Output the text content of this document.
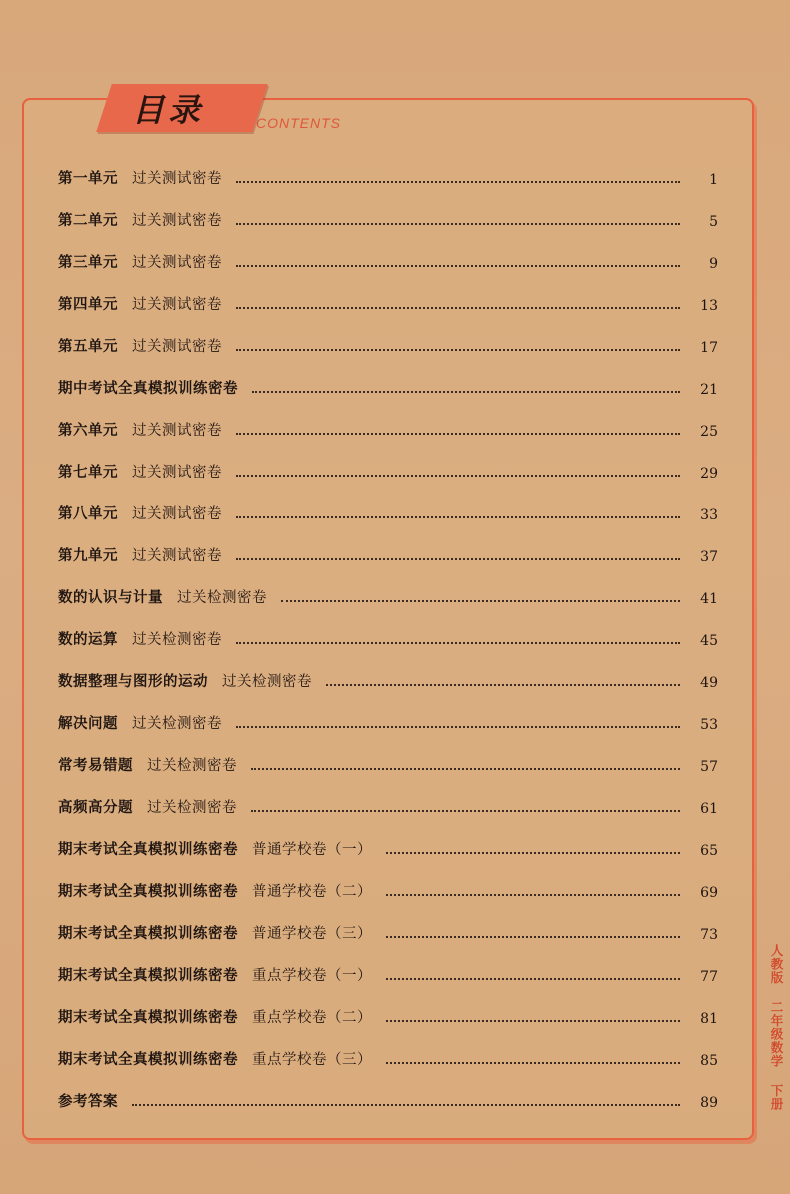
目录	CONTENTS
第一单元 过关测试密卷	1
第二单元 过关测试密卷	5
第三单元 过关测试密卷	9
第四单元 过关测试密卷	13
第五单元 过关测试密卷	17
期中考试全真模拟训练密卷	21
第六单元 过关测试密卷	25
第七单元 过关测试密卷	29
第八单元 过关测试密卷	33
第九单元 过关测试密卷	37
数的认识与计量 过关检测密卷	41
数的运算 过关检测密卷	45
数据整理与图形的运动 过关检测密卷	49
解决问题 过关检测密卷	53
常考易错题 过关检测密卷	57
高频高分题 过关检测密卷	61
期末考试全真模拟训练密卷 普通学校卷（一）	65
期末考试全真模拟训练密卷 普通学校卷（二）	69
期末考试全真模拟训练密卷 普通学校卷（三）	73
期末考试全真模拟训练密卷 重点学校卷（一）	77
期末考试全真模拟训练密卷 重点学校卷（二）	81
期末考试全真模拟训练密卷 重点学校卷（三）	85
参考答案	89	人教版 二年级数学 下册
